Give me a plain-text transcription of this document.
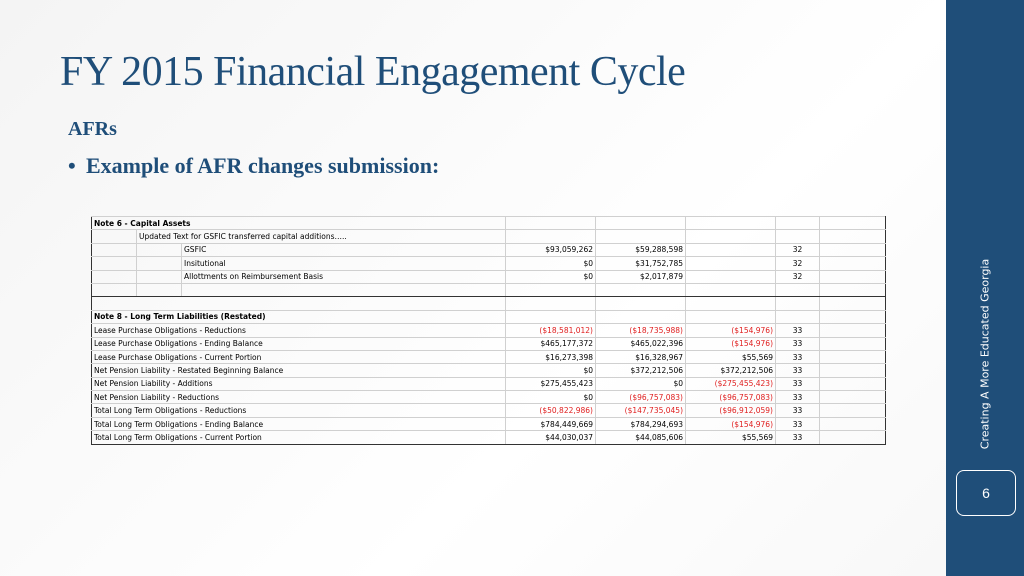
FY 2015 Financial Engagement Cycle
AFRs
• Example of AFR changes submission:
Creating A More Educated Georgia
6
Note 6 - Capital Assets							
	Updated Text for GSFIC transferred capital additions…..						
		GSFIC	$93,059,262	$59,288,598		32	
		Insitutional	$0	$31,752,785		32	
		Allottments on Reimbursement Basis	$0	$2,017,879		32	

Note 8 - Long Term Liabilities (Restated)							
Lease Purchase Obligations - Reductions			($18,581,012)	($18,735,988)	($154,976)	33	
Lease Purchase Obligations - Ending Balance			$465,177,372	$465,022,396	($154,976)	33	
Lease Purchase Obligations - Current Portion			$16,273,398	$16,328,967	$55,569	33	
Net Pension Liability - Restated Beginning Balance			$0	$372,212,506	$372,212,506	33	
Net Pension Liability - Additions			$275,455,423	$0	($275,455,423)	33	
Net Pension Liability - Reductions			$0	($96,757,083)	($96,757,083)	33	
Total Long Term Obligations - Reductions			($50,822,986)	($147,735,045)	($96,912,059)	33	
Total Long Term Obligations - Ending Balance			$784,449,669	$784,294,693	($154,976)	33	
Total Long Term Obligations - Current Portion			$44,030,037	$44,085,606	$55,569	33	
